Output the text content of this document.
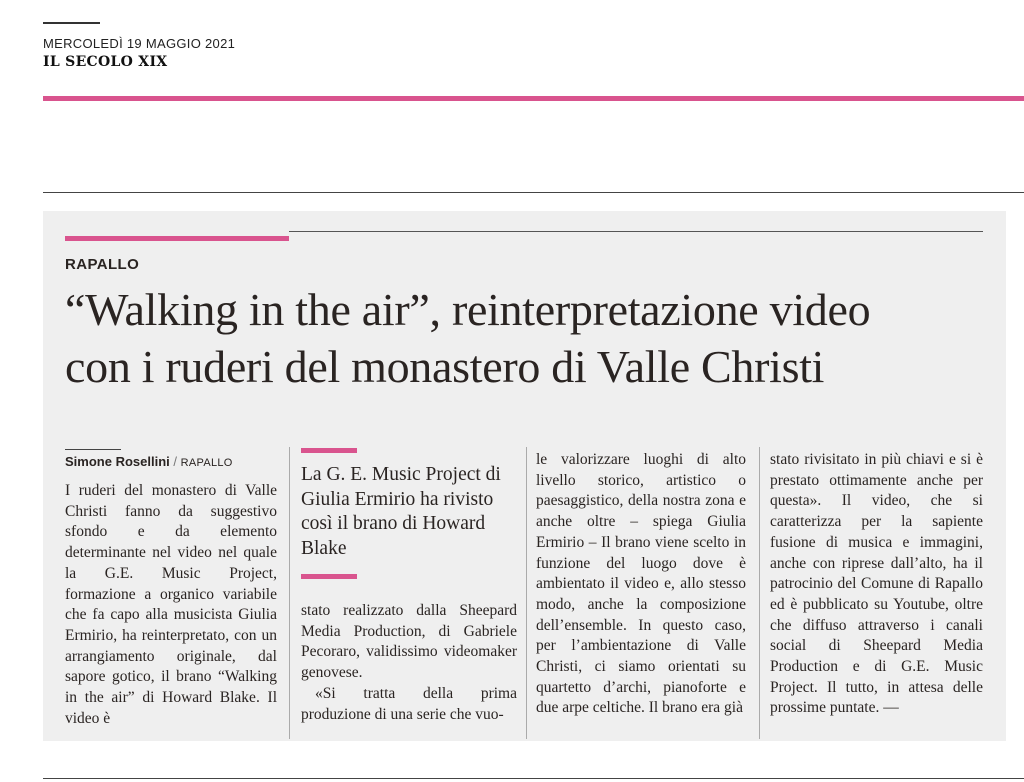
MERCOLEDÌ 19 MAGGIO 2021
IL SECOLO XIX
RAPALLO
“Walking in the air”, reinterpretazione video
con i ruderi del monastero di Valle Christi
Simone Rosellini / RAPALLO

I ruderi del monastero di Valle Christi fanno da suggestivo sfondo e da elemento determinante nel video nel quale la G.E. Music Project, formazione a organico variabile che fa capo alla musicista Giulia Ermirio, ha reinterpretato, con un arrangiamento originale, dal sapore gotico, il brano “Walking in the air” di Howard Blake. Il video è

La G. E. Music Project di Giulia Ermirio ha rivisto così il brano di Howard Blake

stato realizzato dalla Sheepard Media Production, di Gabriele Pecoraro, validissimo videomaker genovese.

«Si tratta della prima produzione di una serie che vuo-

le valorizzare luoghi di alto livello storico, artistico o paesaggistico, della nostra zona e anche oltre – spiega Giulia Ermirio – Il brano viene scelto in funzione del luogo dove è ambientato il video e, allo stesso modo, anche la composizione dell’ensemble. In questo caso, per l’ambientazione di Valle Christi, ci siamo orientati su quartetto d’archi, pianoforte e due arpe celtiche. Il brano era già

stato rivisitato in più chiavi e si è prestato ottimamente anche per questa». Il video, che si caratterizza per la sapiente fusione di musica e immagini, anche con riprese dall’alto, ha il patrocinio del Comune di Rapallo ed è pubblicato su Youtube, oltre che diffuso attraverso i canali social di Sheepard Media Production e di G.E. Music Project. Il tutto, in attesa delle prossime puntate. —
